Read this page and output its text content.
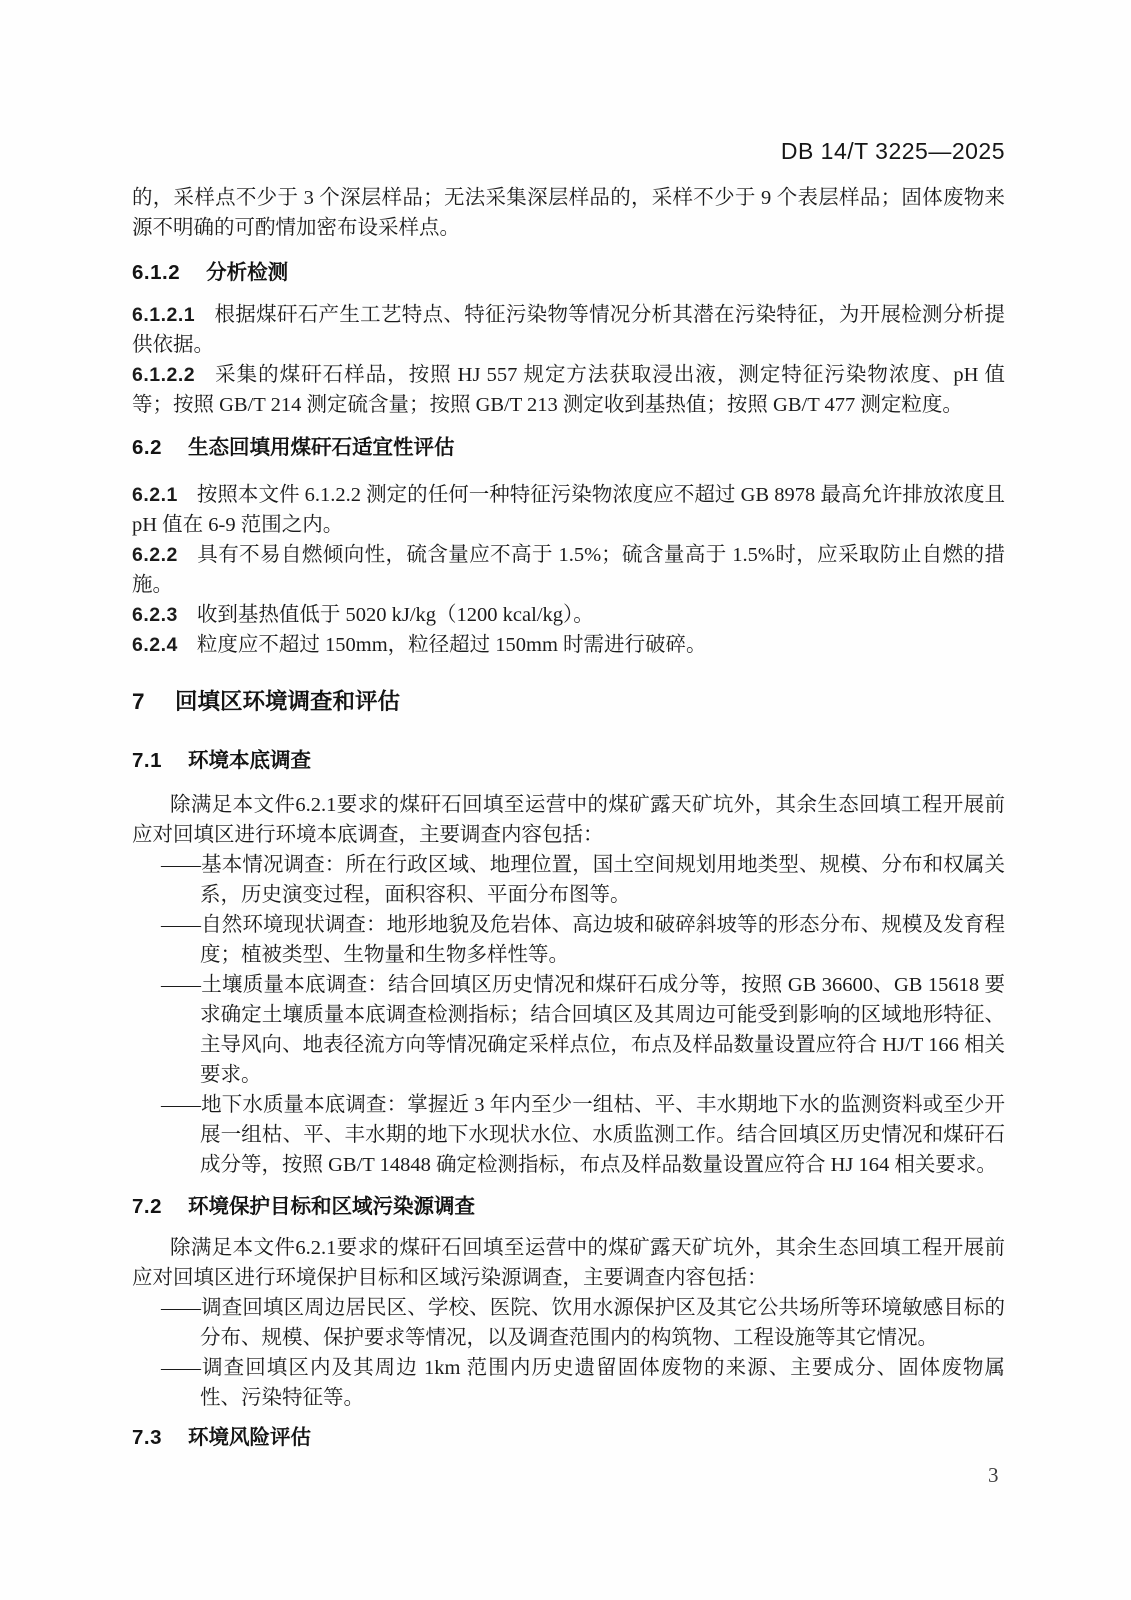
DB 14/T 3225—2025

的，采样点不少于 3 个深层样品；无法采集深层样品的，采样不少于 9 个表层样品；固体废物来源不明确的可酌情加密布设采样点。

6.1.2 分析检测

6.1.2.1 根据煤矸石产生工艺特点、特征污染物等情况分析其潜在污染特征，为开展检测分析提供依据。

6.1.2.2 采集的煤矸石样品，按照 HJ 557 规定方法获取浸出液，测定特征污染物浓度、pH 值等；按照 GB/T 214 测定硫含量；按照 GB/T 213 测定收到基热值；按照 GB/T 477 测定粒度。

6.2 生态回填用煤矸石适宜性评估

6.2.1 按照本文件 6.1.2.2 测定的任何一种特征污染物浓度应不超过 GB 8978 最高允许排放浓度且 pH 值在 6-9 范围之内。

6.2.2 具有不易自燃倾向性，硫含量应不高于 1.5%；硫含量高于 1.5%时，应采取防止自燃的措施。

6.2.3 收到基热值低于 5020 kJ/kg（1200 kcal/kg）。

6.2.4 粒度应不超过 150mm，粒径超过 150mm 时需进行破碎。

7 回填区环境调查和评估
7.1 环境本底调查

除满足本文件6.2.1要求的煤矸石回填至运营中的煤矿露天矿坑外，其余生态回填工程开展前应对回填区进行环境本底调查，主要调查内容包括：

——基本情况调查：所在行政区域、地理位置，国土空间规划用地类型、规模、分布和权属关系，历史演变过程，面积容积、平面分布图等。

——自然环境现状调查：地形地貌及危岩体、高边坡和破碎斜坡等的形态分布、规模及发育程度；植被类型、生物量和生物多样性等。

——土壤质量本底调查：结合回填区历史情况和煤矸石成分等，按照 GB 36600、GB 15618 要求确定土壤质量本底调查检测指标；结合回填区及其周边可能受到影响的区域地形特征、主导风向、地表径流方向等情况确定采样点位，布点及样品数量设置应符合 HJ/T 166 相关要求。

——地下水质量本底调查：掌握近 3 年内至少一组枯、平、丰水期地下水的监测资料或至少开展一组枯、平、丰水期的地下水现状水位、水质监测工作。结合回填区历史情况和煤矸石成分等，按照 GB/T 14848 确定检测指标，布点及样品数量设置应符合 HJ 164 相关要求。

7.2 环境保护目标和区域污染源调查

除满足本文件6.2.1要求的煤矸石回填至运营中的煤矿露天矿坑外，其余生态回填工程开展前应对回填区进行环境保护目标和区域污染源调查，主要调查内容包括：

——调查回填区周边居民区、学校、医院、饮用水源保护区及其它公共场所等环境敏感目标的分布、规模、保护要求等情况，以及调查范围内的构筑物、工程设施等其它情况。

——调查回填区内及其周边 1km 范围内历史遗留固体废物的来源、主要成分、固体废物属性、污染特征等。

7.3 环境风险评估
3
